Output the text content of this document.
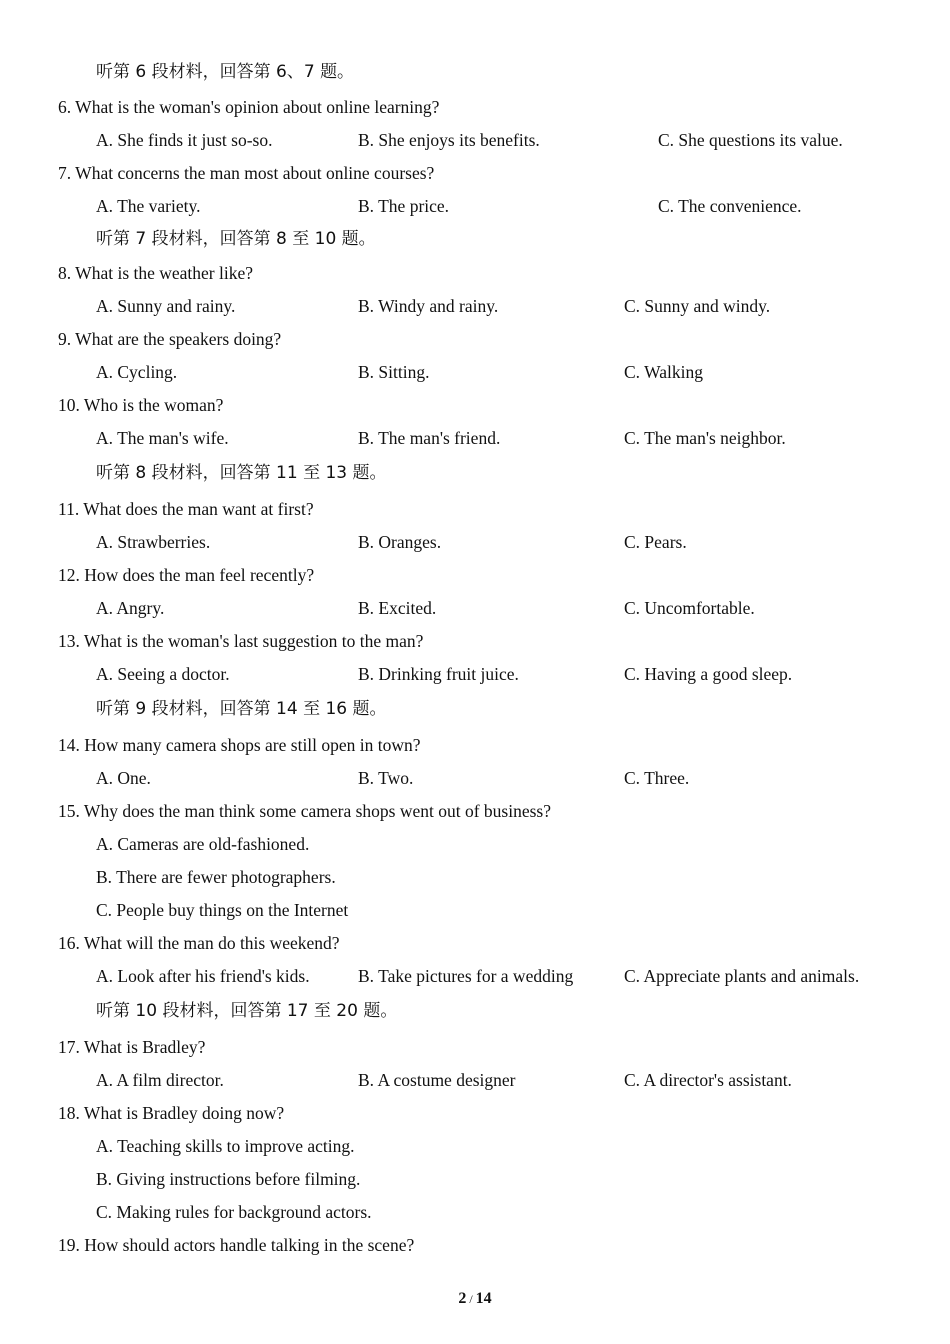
听第 6 段材料，回答第 6、7 题。
6. What is the woman's opinion about online learning?
A. She finds it just so-so.	B. She enjoys its benefits.	C. She questions its value.
7. What concerns the man most about online courses?
A. The variety.	B. The price.	C. The convenience.
听第 7 段材料，回答第 8 至 10 题。
8. What is the weather like?
A. Sunny and rainy.	B. Windy and rainy.	C. Sunny and windy.
9. What are the speakers doing?
A. Cycling.	B. Sitting.	C. Walking
10. Who is the woman?
A. The man's wife.	B. The man's friend.	C. The man's neighbor.
听第 8 段材料，回答第 11 至 13 题。
11. What does the man want at first?
A. Strawberries.	B. Oranges.	C. Pears.
12. How does the man feel recently?
A. Angry.	B. Excited.	C. Uncomfortable.
13. What is the woman's last suggestion to the man?
A. Seeing a doctor.	B. Drinking fruit juice.	C. Having a good sleep.
听第 9 段材料，回答第 14 至 16 题。
14. How many camera shops are still open in town?
A. One.	B. Two.	C. Three.
15. Why does the man think some camera shops went out of business?
A. Cameras are old-fashioned.
B. There are fewer photographers.
C. People buy things on the Internet
16. What will the man do this weekend?
A. Look after his friend's kids.	B. Take pictures for a wedding	C. Appreciate plants and animals.
听第 10 段材料，回答第 17 至 20 题。
17. What is Bradley?
A. A film director.	B. A costume designer	C. A director's assistant.
18. What is Bradley doing now?
A. Teaching skills to improve acting.
B. Giving instructions before filming.
C. Making rules for background actors.
19. How should actors handle talking in the scene?
2 / 14
